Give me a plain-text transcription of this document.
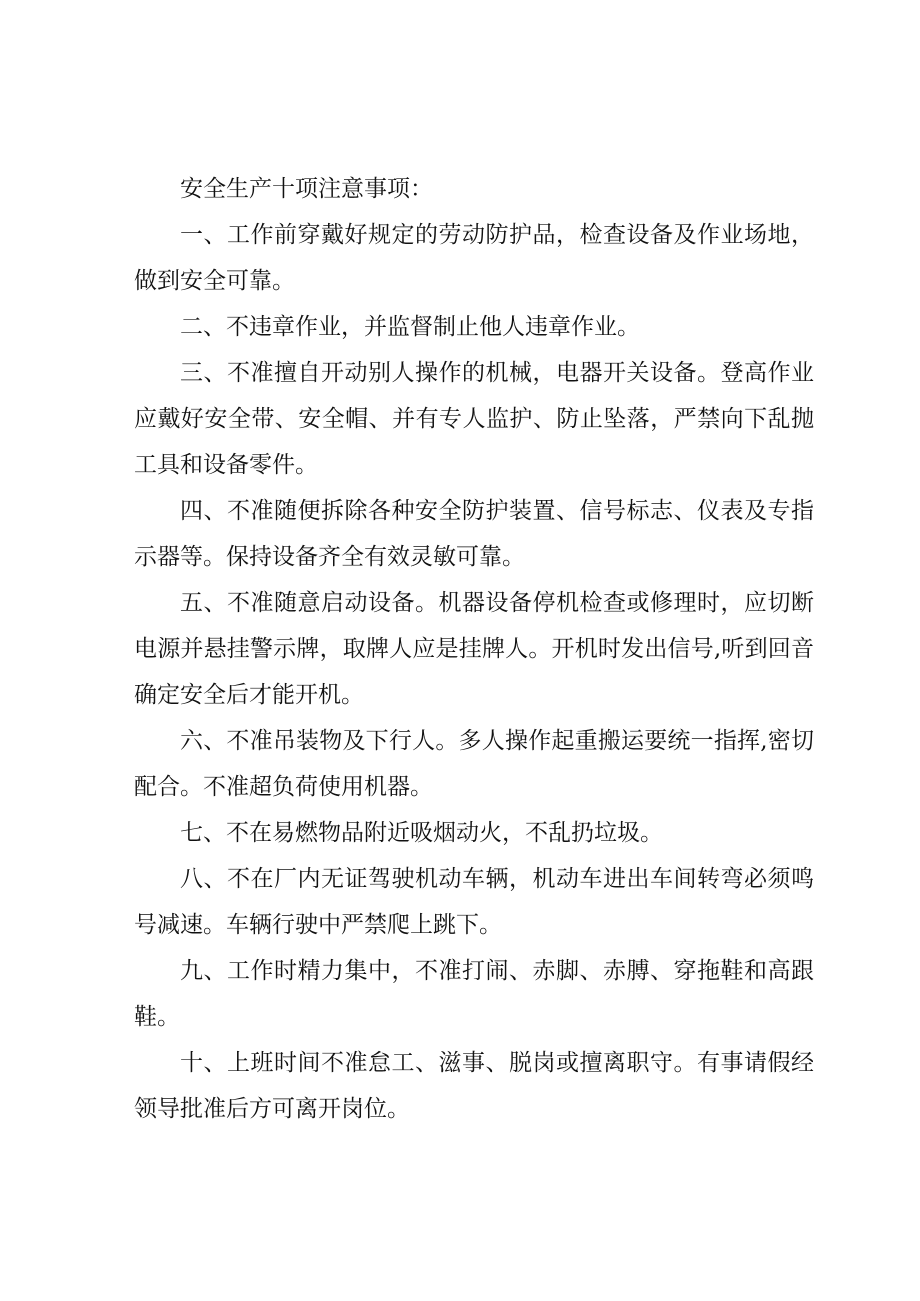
安全生产十项注意事项：

一、工作前穿戴好规定的劳动防护品，检查设备及作业场地，做到安全可靠。

二、不违章作业，并监督制止他人违章作业。

三、不准擅自开动别人操作的机械，电器开关设备。登高作业应戴好安全带、安全帽、并有专人监护、防止坠落，严禁向下乱抛工具和设备零件。

四、不准随便拆除各种安全防护装置、信号标志、仪表及专指示器等。保持设备齐全有效灵敏可靠。

五、不准随意启动设备。机器设备停机检查或修理时，应切断电源并悬挂警示牌，取牌人应是挂牌人。开机时发出信号,听到回音确定安全后才能开机。

六、不准吊装物及下行人。多人操作起重搬运要统一指挥,密切配合。不准超负荷使用机器。

七、不在易燃物品附近吸烟动火，不乱扔垃圾。

八、不在厂内无证驾驶机动车辆，机动车进出车间转弯必须鸣号减速。车辆行驶中严禁爬上跳下。

九、工作时精力集中，不准打闹、赤脚、赤膊、穿拖鞋和高跟鞋。

十、上班时间不准怠工、滋事、脱岗或擅离职守。有事请假经领导批准后方可离开岗位。
